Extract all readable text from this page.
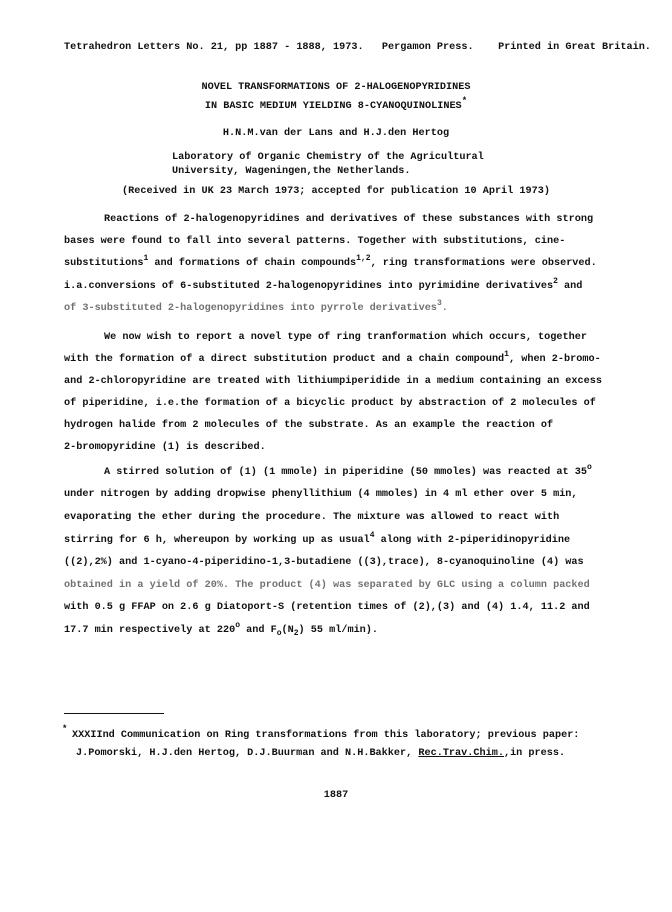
Tetrahedron Letters No. 21, pp 1887 - 1888, 1973. Pergamon Press. Printed in Great Britain.
NOVEL TRANSFORMATIONS OF 2-HALOGENOPYRIDINES
IN BASIC MEDIUM YIELDING 8-CYANOQUINOLINES*
H.N.M.van der Lans and H.J.den Hertog
Laboratory of Organic Chemistry of the Agricultural
University, Wageningen,the Netherlands.
(Received in UK 23 March 1973; accepted for publication 10 April 1973)
Reactions of 2-halogenopyridines and derivatives of these substances with strong
bases were found to fall into several patterns. Together with substitutions, cine-
substitutions$^1$ and formations of chain compounds$^{1,2}$, ring transformations were observed.
i.a.conversions of 6-substituted 2-halogenopyridines into pyrimidine derivatives$^2$ and
of 3-substituted 2-halogenopyridines into pyrrole derivatives$^3$.
We now wish to report a novel type of ring tranformation which occurs, together
with the formation of a direct substitution product and a chain compound$^1$, when 2-bromo-
and 2-chloropyridine are treated with lithiumpiperidide in a medium containing an excess
of piperidine, i.e.the formation of a bicyclic product by abstraction of 2 molecules of
hydrogen halide from 2 molecules of the substrate. As an example the reaction of
2-bromopyridine (1) is described.
A stirred solution of (1) (1 mmole) in piperidine (50 mmoles) was reacted at 35$^o$
under nitrogen by adding dropwise phenyllithium (4 mmoles) in 4 ml ether over 5 min,
evaporating the ether during the procedure. The mixture was allowed to react with
stirring for 6 h, whereupon by working up as usual$^4$ along with 2-piperidinopyridine
((2),2%) and 1-cyano-4-piperidino-1,3-butadiene ((3),trace), 8-cyanoquinoline (4) was
obtained in a yield of 20%. The product (4) was separated by GLC using a column packed
with 0.5 g FFAP on 2.6 g Diatoport-S (retention times of (2),(3) and (4) 1.4, 11.2 and
17.7 min respectively at 220$^o$ and $F_o(N_2)$ 55 ml/min).
*
XXXIInd Communication on Ring transformations from this laboratory; previous paper:
J.Pomorski, H.J.den Hertog, D.J.Buurman and N.H.Bakker, Rec.Trav.Chim.,in press.
1887
